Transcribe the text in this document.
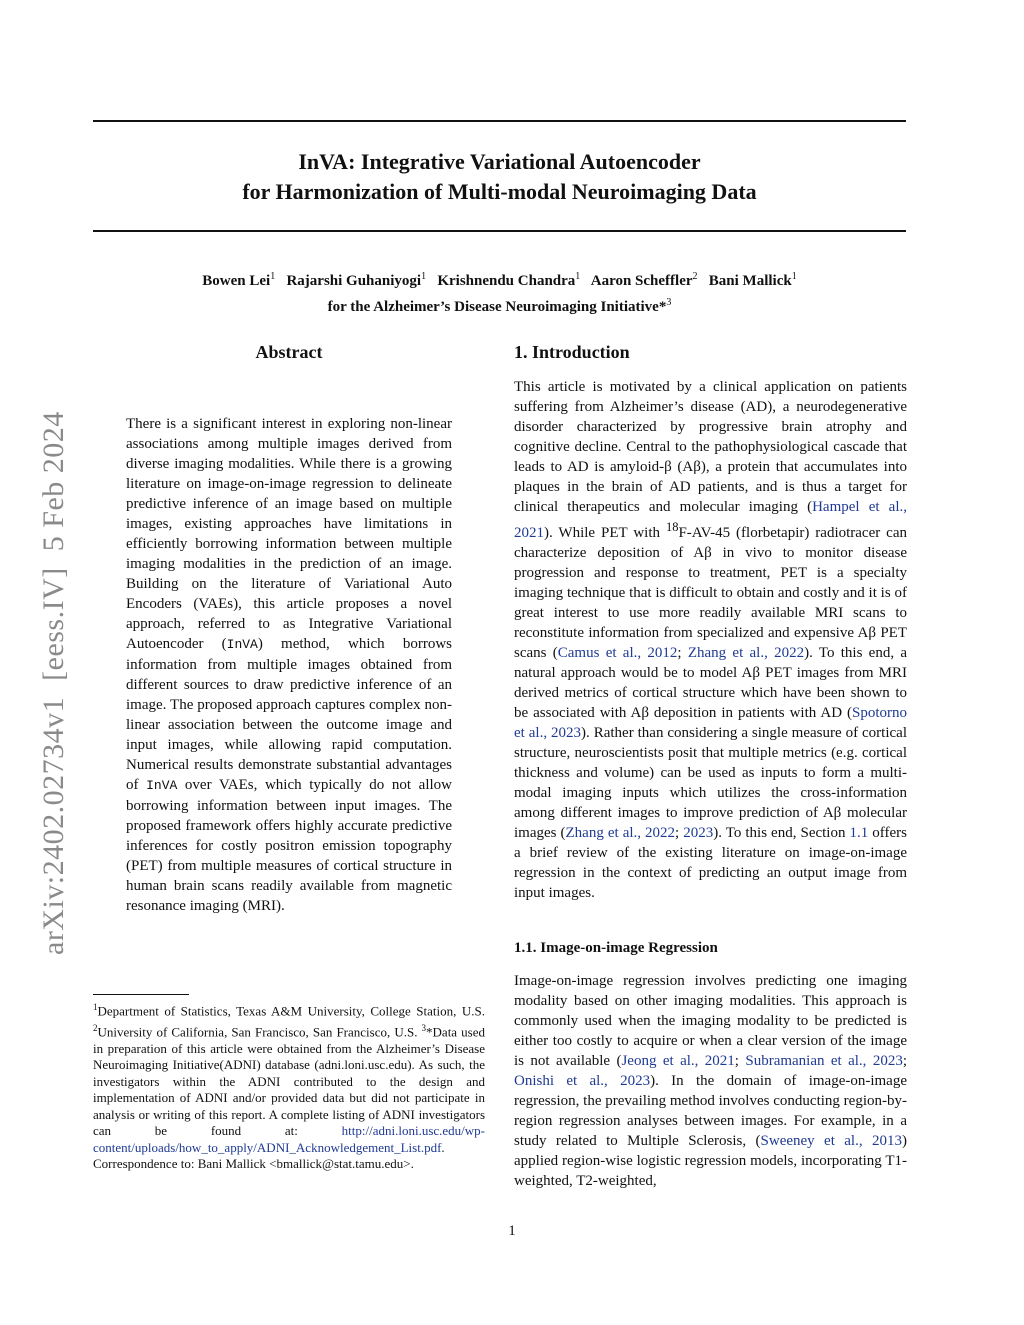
arXiv:2402.02734v1[eess.IV]5 Feb 2024
InVA: Integrative Variational Autoencoder
for Harmonization of Multi-modal Neuroimaging Data
Bowen Lei$^1$ Rajarshi Guhaniyogi$^1$ Krishnendu Chandra$^1$ Aaron Scheffler$^2$ Bani Mallick$^1$
for the Alzheimer’s Disease Neuroimaging Initiative*$^3$
Abstract
There is a significant interest in exploring non-linear associations among multiple images derived from diverse imaging modalities. While there is a growing literature on image-on-image regression to delineate predictive inference of an image based on multiple images, existing approaches have limitations in efficiently borrowing information between multiple imaging modalities in the prediction of an image. Building on the literature of Variational Auto Encoders (VAEs), this article proposes a novel approach, referred to as Integrative Variational Autoencoder (InVA) method, which borrows information from multiple images obtained from different sources to draw predictive inference of an image. The proposed approach captures complex non-linear association between the outcome image and input images, while allowing rapid computation. Numerical results demonstrate substantial advantages of InVA over VAEs, which typically do not allow borrowing information between input images. The proposed framework offers highly accurate predictive inferences for costly positron emission topography (PET) from multiple measures of cortical structure in human brain scans readily available from magnetic resonance imaging (MRI).
$^1$Department of Statistics, Texas A&M University, College Station, U.S. $^2$University of California, San Francisco, San Francisco, U.S. $^3$*Data used in preparation of this article were obtained from the Alzheimer’s Disease Neuroimaging Initiative(ADNI) database (adni.loni.usc.edu). As such, the investigators within the ADNI contributed to the design and implementation of ADNI and/or provided data but did not participate in analysis or writing of this report. A complete listing of ADNI investigators can be found at: http://adni.loni.usc.edu/wp-content/uploads/how_to_apply/ADNI_Acknowledgement_List.pdf. Correspondence to: Bani Mallick <bmallick@stat.tamu.edu>.
1. Introduction
This article is motivated by a clinical application on patients suffering from Alzheimer’s disease (AD), a neurodegenerative disorder characterized by progressive brain atrophy and cognitive decline. Central to the pathophysiological cascade that leads to AD is amyloid-β (Aβ), a protein that accumulates into plaques in the brain of AD patients, and is thus a target for clinical therapeutics and molecular imaging (Hampel et al., 2021). While PET with $^{18}$F-AV-45 (florbetapir) radiotracer can characterize deposition of Aβ in vivo to monitor disease progression and response to treatment, PET is a specialty imaging technique that is difficult to obtain and costly and it is of great interest to use more readily available MRI scans to reconstitute information from specialized and expensive Aβ PET scans (Camus et al., 2012; Zhang et al., 2022). To this end, a natural approach would be to model Aβ PET images from MRI derived metrics of cortical structure which have been shown to be associated with Aβ deposition in patients with AD (Spotorno et al., 2023). Rather than considering a single measure of cortical structure, neuroscientists posit that multiple metrics (e.g. cortical thickness and volume) can be used as inputs to form a multi-modal imaging inputs which utilizes the cross-information among different images to improve prediction of Aβ molecular images (Zhang et al., 2022; 2023). To this end, Section 1.1 offers a brief review of the existing literature on image-on-image regression in the context of predicting an output image from input images.
1.1. Image-on-image Regression
Image-on-image regression involves predicting one imaging modality based on other imaging modalities. This approach is commonly used when the imaging modality to be predicted is either too costly to acquire or when a clear version of the image is not available (Jeong et al., 2021; Subramanian et al., 2023; Onishi et al., 2023). In the domain of image-on-image regression, the prevailing method involves conducting region-by-region regression analyses between images. For example, in a study related to Multiple Sclerosis, (Sweeney et al., 2013) applied region-wise logistic regression models, incorporating T1-weighted, T2-weighted,
1
